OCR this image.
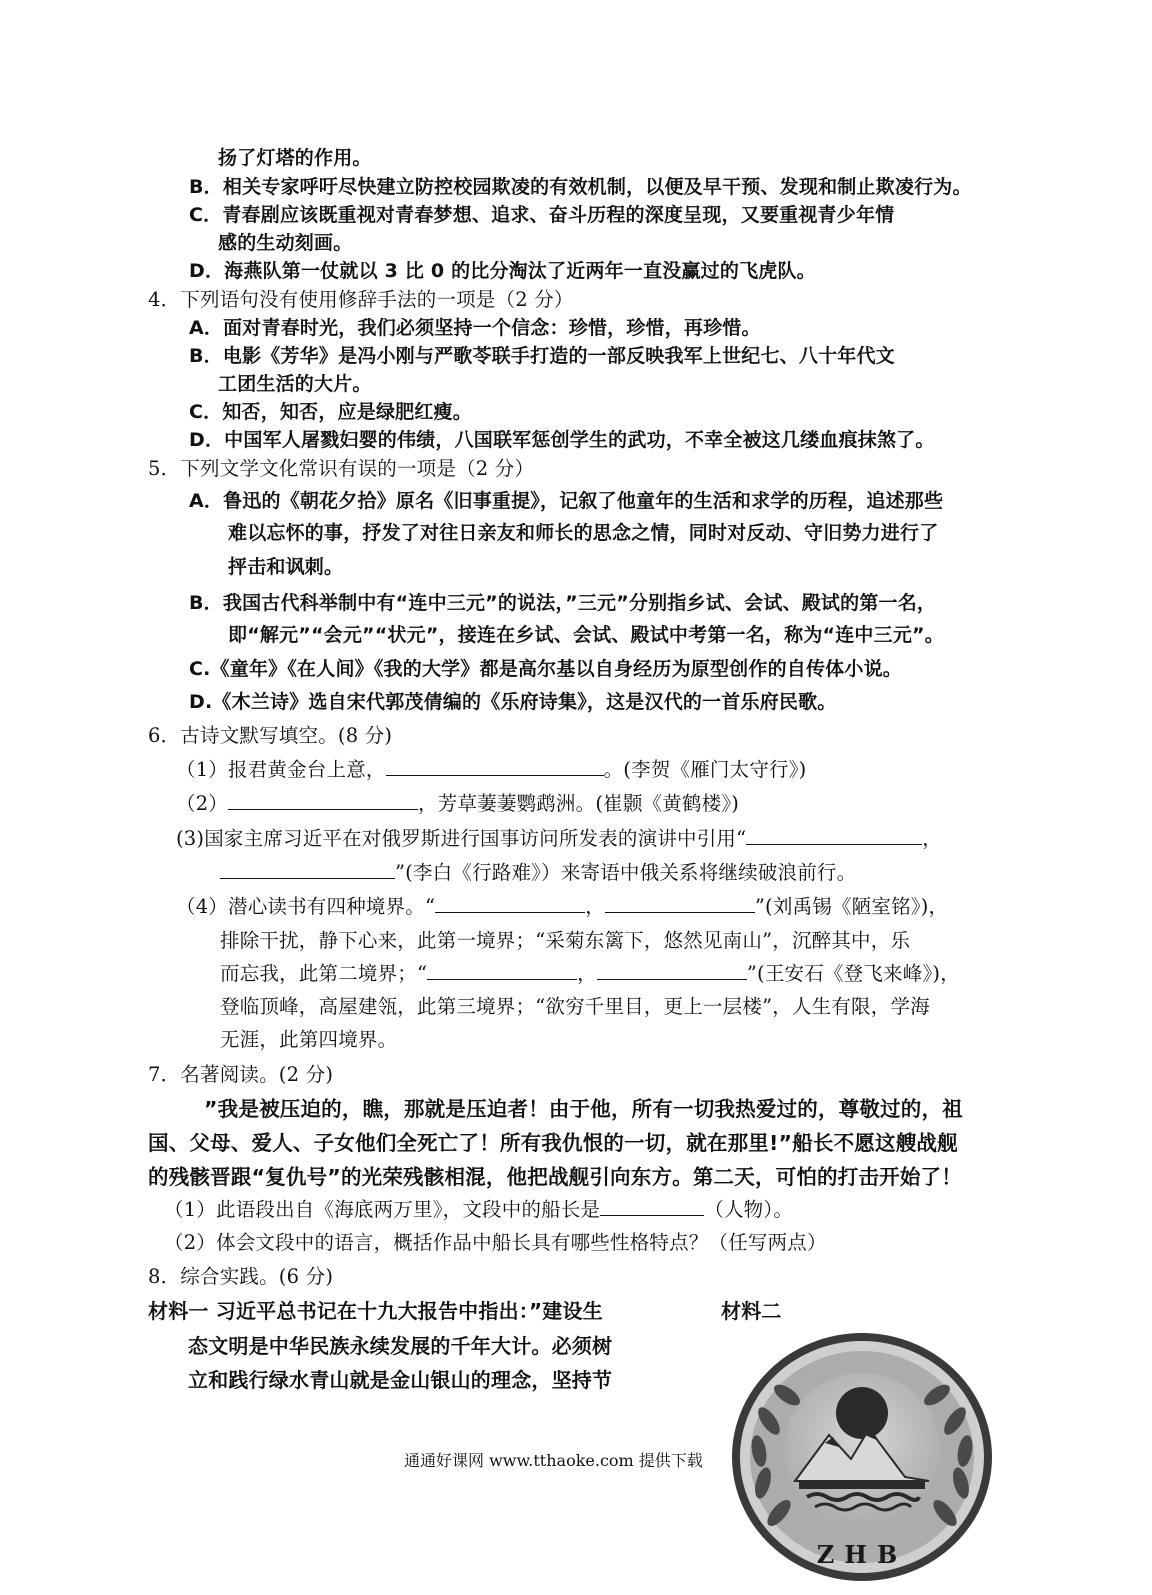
扬了灯塔的作用。
B．相关专家呼吁尽快建立防控校园欺凌的有效机制，以便及早干预、发现和制止欺凌行为。
C．青春剧应该既重视对青春梦想、追求、奋斗历程的深度呈现，又要重视青少年情
感的生动刻画。
D．海燕队第一仗就以 3 比 0 的比分淘汰了近两年一直没赢过的飞虎队。
4．下列语句没有使用修辞手法的一项是（2 分）
A．面对青春时光，我们必须坚持一个信念：珍惜，珍惜，再珍惜。
B．电影《芳华》是冯小刚与严歌苓联手打造的一部反映我军上世纪七、八十年代文
工团生活的大片。
C．知否，知否，应是绿肥红瘦。
D．中国军人屠戮妇婴的伟绩，八国联军惩创学生的武功，不幸全被这几缕血痕抹煞了。
5．下列文学文化常识有误的一项是（2 分）
A．鲁迅的《朝花夕拾》原名《旧事重提》，记叙了他童年的生活和求学的历程，追述那些
难以忘怀的事，抒发了对往日亲友和师长的思念之情，同时对反动、守旧势力进行了
抨击和讽刺。
B．我国古代科举制中有“连中三元”的说法，”三元”分别指乡试、会试、殿试的第一名，
即“解元”“会元”“状元”，接连在乡试、会试、殿试中考第一名，称为“连中三元”。
C.《童年》《在人间》《我的大学》都是高尔基以自身经历为原型创作的自传体小说。
D.《木兰诗》选自宋代郭茂倩编的《乐府诗集》，这是汉代的一首乐府民歌。
6．古诗文默写填空。(8 分)
（1）报君黄金台上意，	。(李贺《雁门太守行》)
（2）	，芳草萋萋鹦鹉洲。(崔颢《黄鹤楼》)
(3)国家主席习近平在对俄罗斯进行国事访问所发表的演讲中引用“	，
”(李白《行路难》）来寄语中俄关系将继续破浪前行。
（4）潜心读书有四种境界。“	，	”(刘禹锡《陋室铭》)，
排除干扰，静下心来，此第一境界；“采菊东篱下，悠然见南山”，沉醉其中，乐
而忘我，此第二境界；“	，	”(王安石《登飞来峰》)，
登临顶峰，高屋建瓴，此第三境界；“欲穷千里目，更上一层楼”，人生有限，学海
无涯，此第四境界。
7．名著阅读。(2 分)
”我是被压迫的，瞧，那就是压迫者！由于他，所有一切我热爱过的，尊敬过的，祖
国、父母、爱人、子女他们全死亡了！所有我仇恨的一切，就在那里!”船长不愿这艘战舰
的残骸晋跟“复仇号”的光荣残骸相混，他把战舰引向东方。第二天，可怕的打击开始了！
（1）此语段出自《海底两万里》，文段中的船长是	（人物）。
（2）体会文段中的语言，概括作品中船长具有哪些性格特点？（任写两点）
8．综合实践。(6 分)
材料一 习近平总书记在十九大报告中指出：”建设生
态文明是中华民族永续发展的千年大计。必须树
立和践行绿水青山就是金山银山的理念，坚持节
材料二
ZHB
通通好课网 www.tthaoke.com 提供下载
